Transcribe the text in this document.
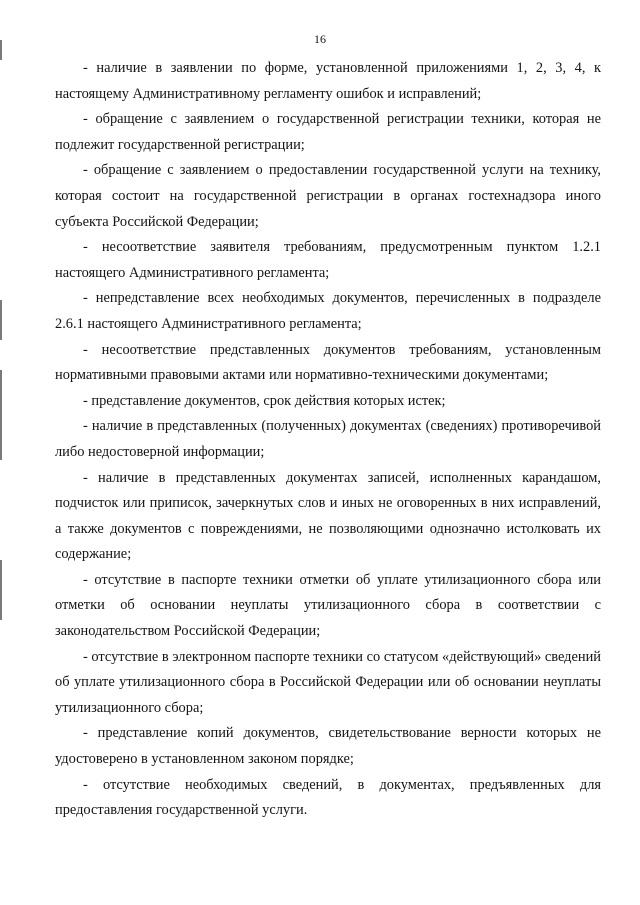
16

- наличие в заявлении по форме, установленной приложениями 1, 2, 3, 4, к настоящему Административному регламенту ошибок и исправлений;

- обращение с заявлением о государственной регистрации техники, которая не подлежит государственной регистрации;

- обращение с заявлением о предоставлении государственной услуги на технику, которая состоит на государственной регистрации в органах гостехнадзора иного субъекта Российской Федерации;

- несоответствие заявителя требованиям, предусмотренным пунктом 1.2.1 настоящего Административного регламента;

- непредставление всех необходимых документов, перечисленных в подразделе 2.6.1 настоящего Административного регламента;

- несоответствие представленных документов требованиям, установленным нормативными правовыми актами или нормативно-техническими документами;

- представление документов, срок действия которых истек;

- наличие в представленных (полученных) документах (сведениях) противоречивой либо недостоверной информации;

- наличие в представленных документах записей, исполненных карандашом, подчисток или приписок, зачеркнутых слов и иных не оговоренных в них исправлений, а также документов с повреждениями, не позволяющими однозначно истолковать их содержание;

- отсутствие в паспорте техники отметки об уплате утилизационного сбора или отметки об основании неуплаты утилизационного сбора в соответствии с законодательством Российской Федерации;

- отсутствие в электронном паспорте техники со статусом «действующий» сведений об уплате утилизационного сбора в Российской Федерации или об основании неуплаты утилизационного сбора;

- представление копий документов, свидетельствование верности которых не удостоверено в установленном законом порядке;

- отсутствие необходимых сведений, в документах, предъявленных для предоставления государственной услуги.
